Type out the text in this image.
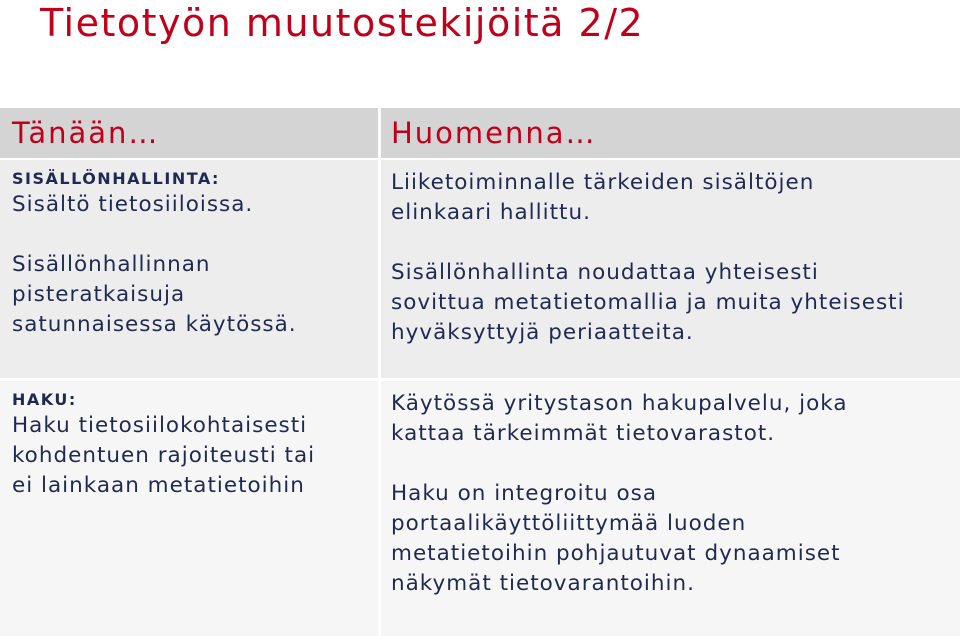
Tietotyön muutostekijöitä 2/2
Tänään…	Huomenna…
SISÄLLÖNHALLINTA:
Sisältö tietosiiloissa.
Sisällönhallinnan
pisteratkaisuja
satunnaisessa käytössä.
Liiketoiminnalle tärkeiden sisältöjen
elinkaari hallittu.
Sisällönhallinta noudattaa yhteisesti
sovittua metatietomallia ja muita yhteisesti
hyväksyttyjä periaatteita.
HAKU:
Haku tietosiilokohtaisesti
kohdentuen rajoiteusti tai
ei lainkaan metatietoihin
Käytössä yritystason hakupalvelu, joka
kattaa tärkeimmät tietovarastot.
Haku on integroitu osa
portaalikäyttöliittymää luoden
metatietoihin pohjautuvat dynaamiset
näkymät tietovarantoihin.
